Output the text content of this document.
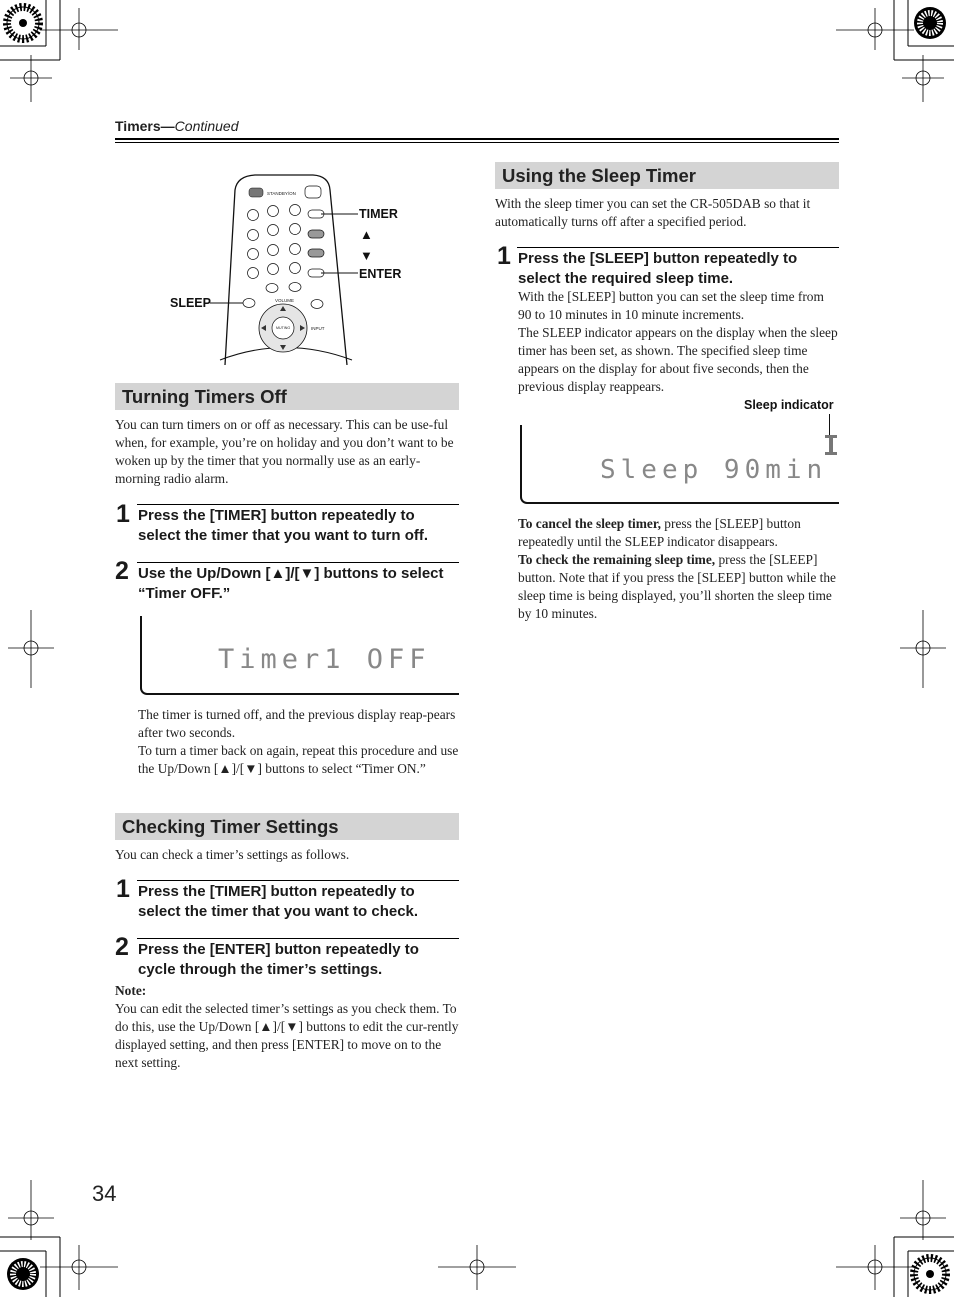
Timers—Continued
STANDBY/ON
VOLUME
INPUT
MUTING
TIMER
▲
▼
ENTER
SLEEP
Turning Timers Off
You can turn timers on or off as necessary. This can be use-ful when, for example, you’re on holiday and you don’t want to be woken up by the timer that you normally use as an early-morning radio alarm.
1 Press the [TIMER] button repeatedly to select the timer that you want to turn off.
2 Use the Up/Down [▲]/[▼] buttons to select “Timer OFF.”
Timer1 OFF

The timer is turned off, and the previous display reap-pears after two seconds.

To turn a timer back on again, repeat this procedure and use the Up/Down [▲]/[▼] buttons to select “Timer ON.”

Checking Timer Settings
You can check a timer’s settings as follows.
1 Press the [TIMER] button repeatedly to select the timer that you want to check.
2 Press the [ENTER] button repeatedly to cycle through the timer’s settings.
Note:
You can edit the selected timer’s settings as you check them. To do this, use the Up/Down [▲]/[▼] buttons to edit the cur-rently displayed setting, and then press [ENTER] to move on to the next setting.
Using the Sleep Timer
With the sleep timer you can set the CR-505DAB so that it automatically turns off after a specified period.
1 Press the [SLEEP] button repeatedly to select the required sleep time.

With the [SLEEP] button you can set the sleep time from 90 to 10 minutes in 10 minute increments.

The SLEEP indicator appears on the display when the sleep timer has been set, as shown. The specified sleep time appears on the display for about five seconds, then the previous display reappears.

Sleep indicator
Sleep 90min

To cancel the sleep timer, press the [SLEEP] button repeatedly until the SLEEP indicator disappears.

To check the remaining sleep time, press the [SLEEP] button. Note that if you press the [SLEEP] button while the sleep time is being displayed, you’ll shorten the sleep time by 10 minutes.

34
